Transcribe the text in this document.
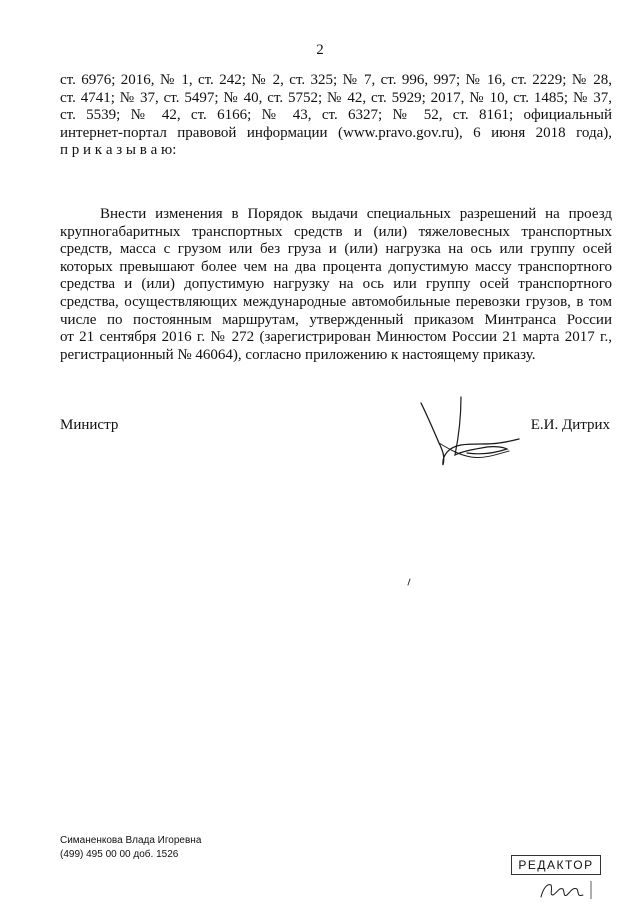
2
ст. 6976; 2016, № 1, ст. 242; № 2, ст. 325; № 7, ст. 996, 997; № 16, ст. 2229; № 28,
ст. 4741; № 37, ст. 5497; № 40, ст. 5752; № 42, ст. 5929; 2017, № 10, ст. 1485; № 37,
ст. 5539; № 42, ст. 6166; № 43, ст. 6327; № 52, ст. 8161; официальный
интернет-портал правовой информации (www.pravo.gov.ru), 6 июня 2018 года),
п р и к а з ы в а ю:
Внести изменения в Порядок выдачи специальных разрешений на проезд
крупногабаритных транспортных средств и (или) тяжеловесных транспортных
средств, масса с грузом или без груза и (или) нагрузка на ось или группу осей
которых превышают более чем на два процента допустимую массу транспортного
средства и (или) допустимую нагрузку на ось или группу осей транспортного
средства, осуществляющих международные автомобильные перевозки грузов, в том
числе по постоянным маршрутам, утвержденный приказом Минтранса России
от 21 сентября 2016 г. № 272 (зарегистрирован Минюстом России 21 марта 2017 г.,
регистрационный № 46064), согласно приложению к настоящему приказу.
Министр	Е.И. Дитрих
Симаненкова Влада Игоревна
(499) 495 00 00 доб. 1526
РЕДАКТОР
